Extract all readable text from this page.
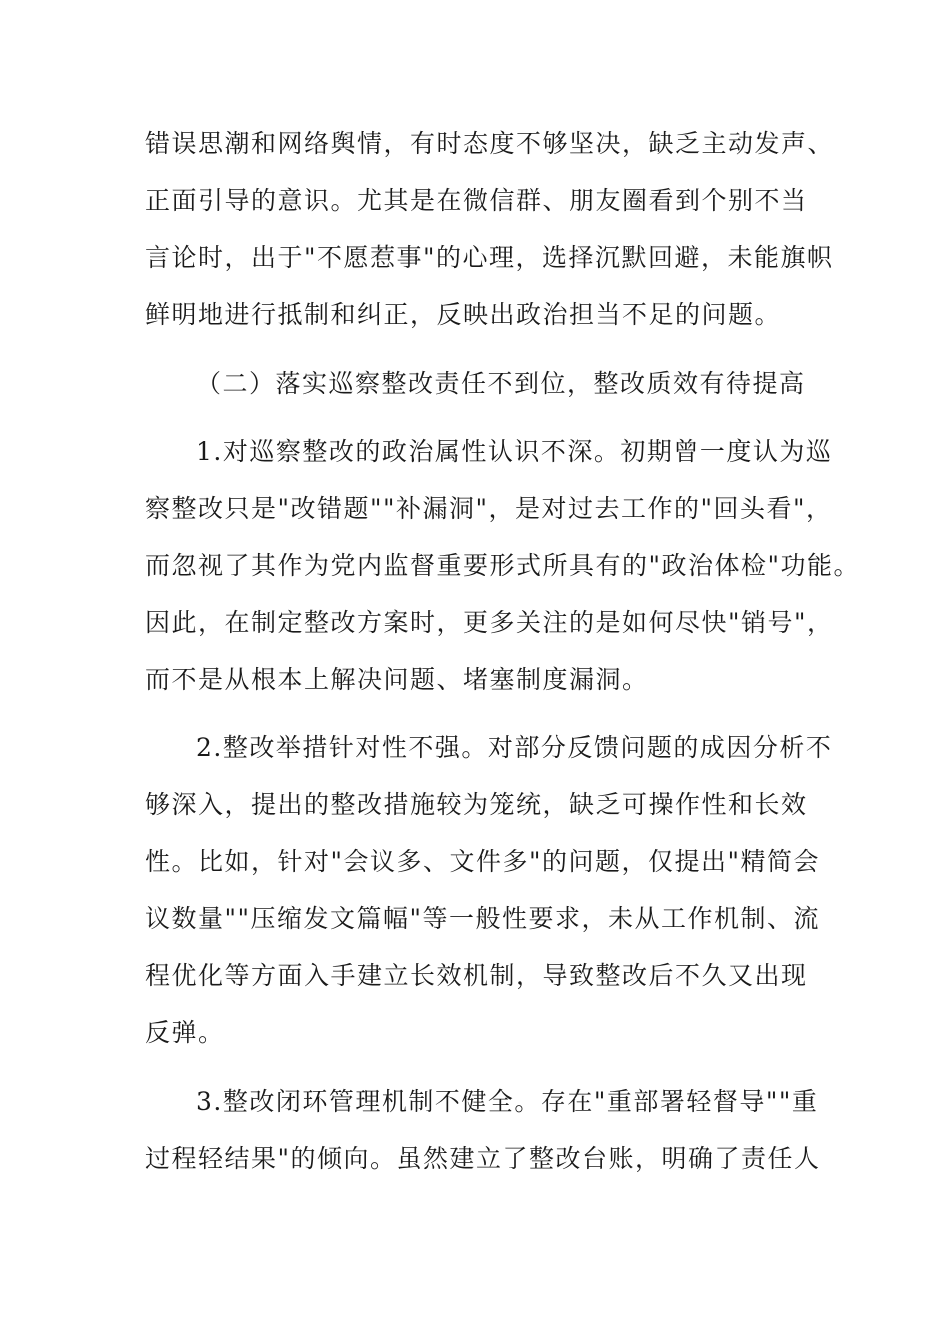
错误思潮和网络舆情，有时态度不够坚决，缺乏主动发声、

正面引导的意识。尤其是在微信群、朋友圈看到个别不当

言论时，出于"不愿惹事"的心理，选择沉默回避，未能旗帜

鲜明地进行抵制和纠正，反映出政治担当不足的问题。

（二）落实巡察整改责任不到位，整改质效有待提高

1.对巡察整改的政治属性认识不深。初期曾一度认为巡

察整改只是"改错题""补漏洞"，是对过去工作的"回头看"，

而忽视了其作为党内监督重要形式所具有的"政治体检"功能。

因此，在制定整改方案时，更多关注的是如何尽快"销号"，

而不是从根本上解决问题、堵塞制度漏洞。

2.整改举措针对性不强。对部分反馈问题的成因分析不

够深入，提出的整改措施较为笼统，缺乏可操作性和长效

性。比如，针对"会议多、文件多"的问题，仅提出"精简会

议数量""压缩发文篇幅"等一般性要求，未从工作机制、流

程优化等方面入手建立长效机制，导致整改后不久又出现

反弹。

3.整改闭环管理机制不健全。存在"重部署轻督导""重

过程轻结果"的倾向。虽然建立了整改台账，明确了责任人
